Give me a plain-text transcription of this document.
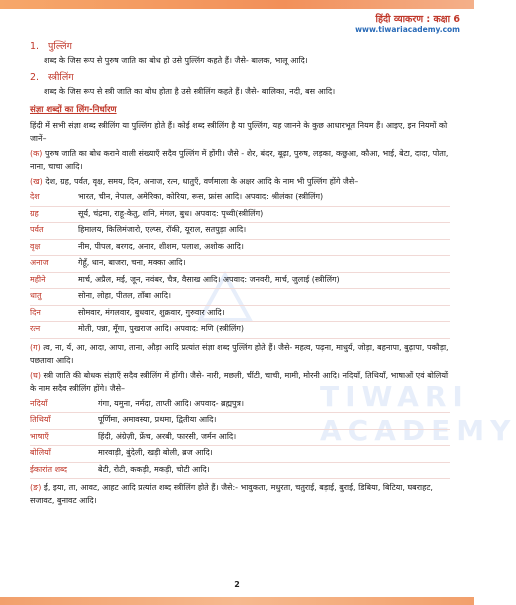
हिंदी व्याकरण : कक्षा 6
www.tiwariacademy.com
TIWARI
ACADEMY
1. पुल्लिंग
शब्द के जिस रूप से पुरुष जाति का बोध हो उसे पुल्लिंग कहते हैं। जैसे- बालक, भालू आदि।
2. स्त्रीलिंग
शब्द के जिस रूप से स्त्री जाति का बोध होता है उसे स्त्रीलिंग कहते हैं। जैसे- बालिका, नदी, बस आदि।
संज्ञा शब्दों का लिंग-निर्धारण
हिंदी में सभी संज्ञा शब्द स्त्रीलिंग या पुल्लिंग होते हैं। कोई शब्द स्त्रीलिंग है या पुल्लिंग, यह जानने के कुछ आधारभूत नियम हैं। आइए, इन नियमों को जानें–
(क) पुरुष जाति का बोध कराने वाली संख्याएँ सदैव पुल्लिंग में होंगी। जैसे - शेर, बंदर, बूढ़ा, पुरुष, लड़का, कछुआ, कौआ, भाई, बेटा, दादा, पोता, नाना, चाचा आदि।
(ख) देश, ग्रह, पर्वत, वृक्ष, समय, दिन, अनाज, रत्न, धातुएँ, वर्णमाला के अक्षर आदि के नाम भी पुल्लिंग होंगे जैसे–
देश	भारत, चीन, नेपाल, अमेरिका, कोरिया, रूस, फ्रांस आदि। अपवाद: श्रीलंका (स्त्रीलिंग)
ग्रह	सूर्य, चंद्रमा, राहू-केतु, शनि, मंगल, बुध। अपवाद: पृथ्वी(स्त्रीलिंग)
पर्वत	हिमालय, किलिमंजारो, एल्प्स, रॉकी, यूराल, सतपुड़ा आदि।
वृक्ष	नीम, पीपल, बरगद, अनार, शीशम, पलाश, अशोक आदि।
अनाज	गेहूँ, धान, बाजरा, चना, मक्का आदि।
महीने	मार्च, अप्रैल, मई, जून, नवंबर, चैत्र, वैसाख आदि। अपवाद: जनवरी, मार्च, जुलाई (स्त्रीलिंग)
धातु	सोना, लोहा, पीतल, ताँबा आदि।
दिन	सोमवार, मंगलवार, बुधवार, शुक्रवार, गुरुवार आदि।
रत्न	मोती, पन्ना, मूँगा, पुखराज आदि। अपवाद: मणि (स्त्रीलिंग)
(ग) त्व, ना, र्य, आ, आदा, आपा, ताना, औड़ा आदि प्रत्यांत संज्ञा शब्द पुल्लिंग होते हैं। जैसे- महत्व, पढ़ना, माधुर्य, जोड़ा, बहनापा, बुढ़ापा, पकौड़ा, पछतावा आदि।
(घ) स्त्री जाति की बोधक संज्ञाएँ सदैव स्त्रीलिंग में होंगी। जैसे- नारी, मछली, चींटी, चाची, मामी, मोरनी आदि। नदियाँ, तिथियाँ, भाषाओं एवं बोलियों के नाम सदैव स्त्रीलिंग होंगे। जैसे–
नदियाँ	गंगा, यमुना, नर्मदा, ताप्ती आदि। अपवाद- ब्रह्मपुत्र।
तिथियाँ	पूर्णिमा, अमावस्या, प्रथमा, द्वितीया आदि।
भाषाएँ	हिंदी, अंग्रेज़ी, फ्रेंच, अरबी, फारसी, जर्मन आदि।
बोलियाँ	मारवाड़ी, बुंदेली, खड़ी बोली, ब्रज आदि।
ईकारांत शब्द	बेटी, रोटी, ककड़ी, मकड़ी, चोटी आदि।
(ङ) ई, इया, ता, आवट, आहट आदि प्रत्यांत शब्द स्त्रीलिंग होते हैं। जैसे:- भावुकता, मधुरता, चतुराई, बड़ाई, बुराई, डिबिया, बिटिया, घबराहट, सजावट, बुनावट आदि।
2
